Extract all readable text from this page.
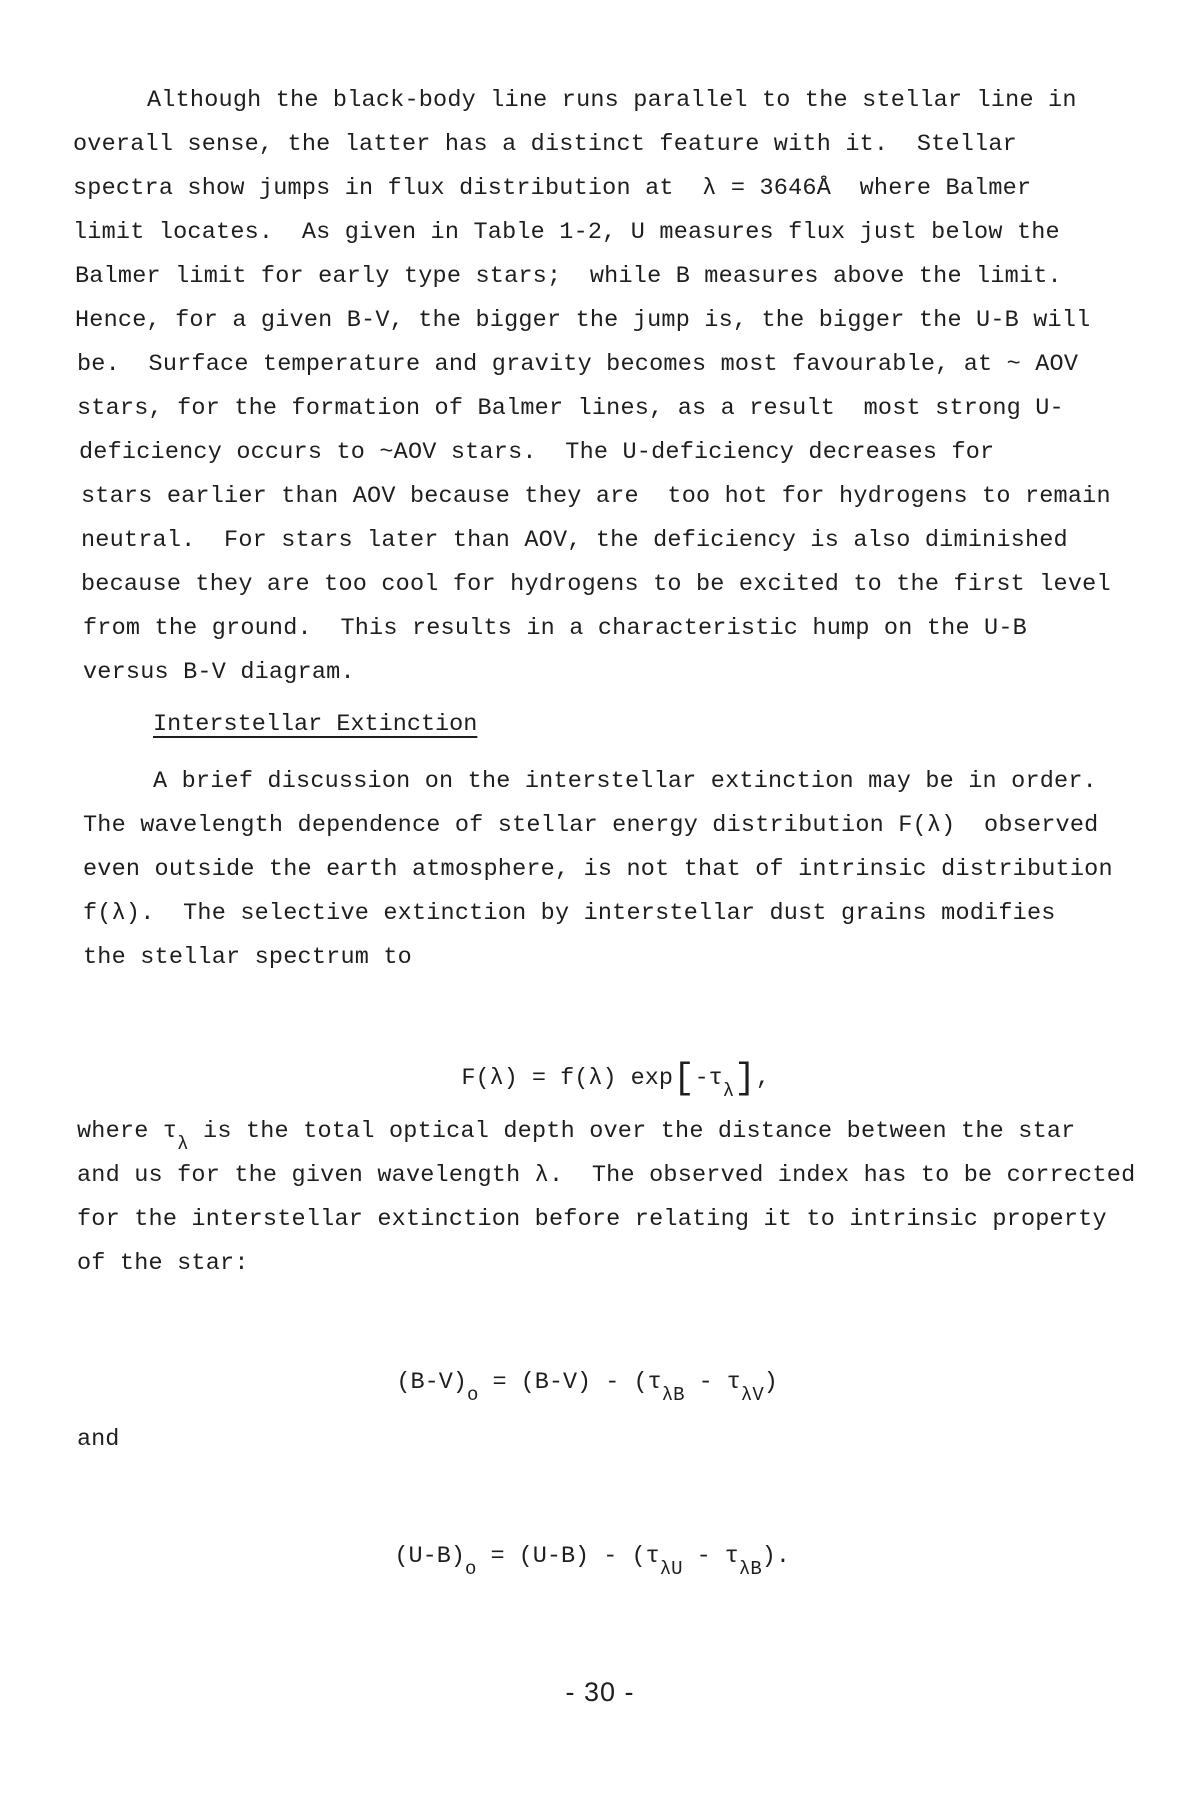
Although the black-body line runs parallel to the stellar line in
overall sense, the latter has a distinct feature with it.  Stellar
spectra show jumps in flux distribution at  λ = 3646Å  where Balmer
limit locates.  As given in Table 1-2, U measures flux just below the
Balmer limit for early type stars;  while B measures above the limit.
Hence, for a given B-V, the bigger the jump is, the bigger the U-B will
be.  Surface temperature and gravity becomes most favourable, at ~ AOV
stars, for the formation of Balmer lines, as a result  most strong U-
deficiency occurs to ~AOV stars.  The U-deficiency decreases for
stars earlier than AOV because they are  too hot for hydrogens to remain
neutral.  For stars later than AOV, the deficiency is also diminished
because they are too cool for hydrogens to be excited to the first level
from the ground.  This results in a characteristic hump on the U-B
versus B-V diagram.
Interstellar Extinction
A brief discussion on the interstellar extinction may be in order.
The wavelength dependence of stellar energy distribution F(λ)  observed
even outside the earth atmosphere, is not that of intrinsic distribution
f(λ).  The selective extinction by interstellar dust grains modifies
the stellar spectrum to

F(λ) = f(λ) $\exp[-\tau_\lambda]$,

where $\tau_\lambda$ is the total optical depth over the distance between the star
and us for the given wavelength λ.  The observed index has to be corrected
for the interstellar extinction before relating it to intrinsic property
of the star:

$(B-V)_o = (B-V) - (\tau_{\lambda B} - \tau_{\lambda V})$

and

$(U-B)_o = (U-B) - (\tau_{\lambda U} - \tau_{\lambda B})$.

- 30 -
